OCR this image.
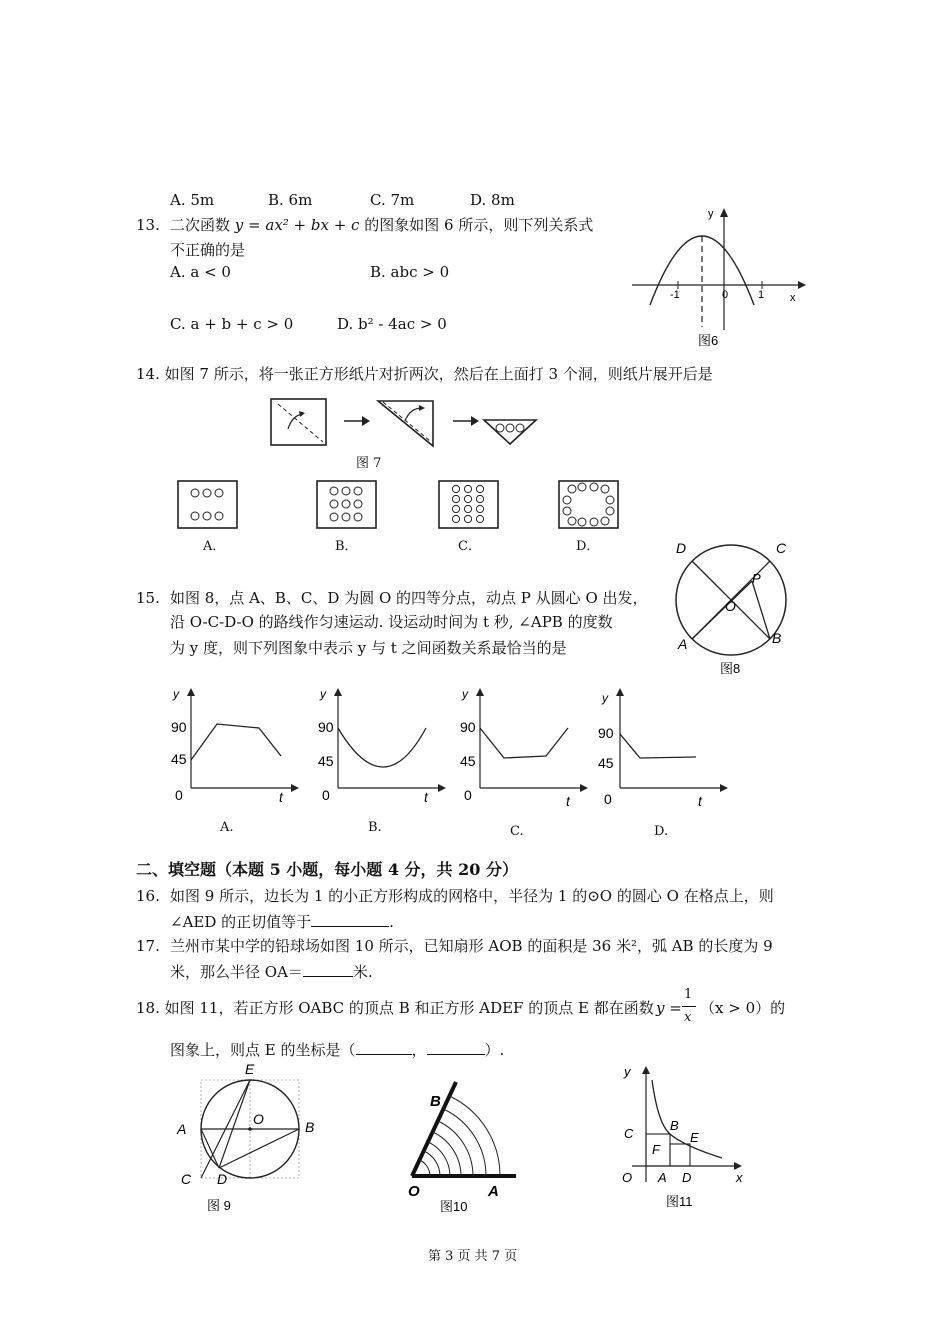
A. 5m	B. 6m	C. 7m	D. 8m
13. 二次函数 y = ax² + bx + c 的图象如图 6 所示，则下列关系式
不正确的是
A. a < 0	B. abc > 0
C. a + b + c > 0	D. b² - 4ac > 0
y
x
-1	0	1
图6
14. 如图 7 所示，将一张正方形纸片对折两次，然后在上面打 3 个洞，则纸片展开后是
图 7
A．	B．	C．	D．	D	C
P
O
A	B
图8
15. 如图 8，点 A、B、C、D 为圆 O 的四等分点，动点 P 从圆心 O 出发，
沿 O-C-D-O 的路线作匀速运动. 设运动时间为 t 秒, ∠APB 的度数
为 y 度，则下列图象中表示 y 与 t 之间函数关系最恰当的是
y
90
45
0	t
y
90
45
0	t
y
90
45
0	t
y
90
45
0	t
A.	B.	C.	D.
二、填空题（本题 5 小题，每小题 4 分，共 20 分）
16. 如图 9 所示，边长为 1 的小正方形构成的网格中，半径为 1 的⊙O 的圆心 O 在格点上，则
∠AED 的正切值等于	.
17. 兰州市某中学的铅球场如图 10 所示，已知扇形 AOB 的面积是 36 米²，弧 AB 的长度为 9
米，那么半径 OA＝	米.
18. 如图 11，若正方形 OABC 的顶点 B 和正方形 ADEF 的顶点 E 都在函数 y =
1
x
（x > 0）的
图象上，则点 E 的坐标是（	，	）.
E
A
O	B
C D
图 9
B
O	A
图10
y
x
C
B
E
F
O A D
图11
第 3 页 共 7 页
